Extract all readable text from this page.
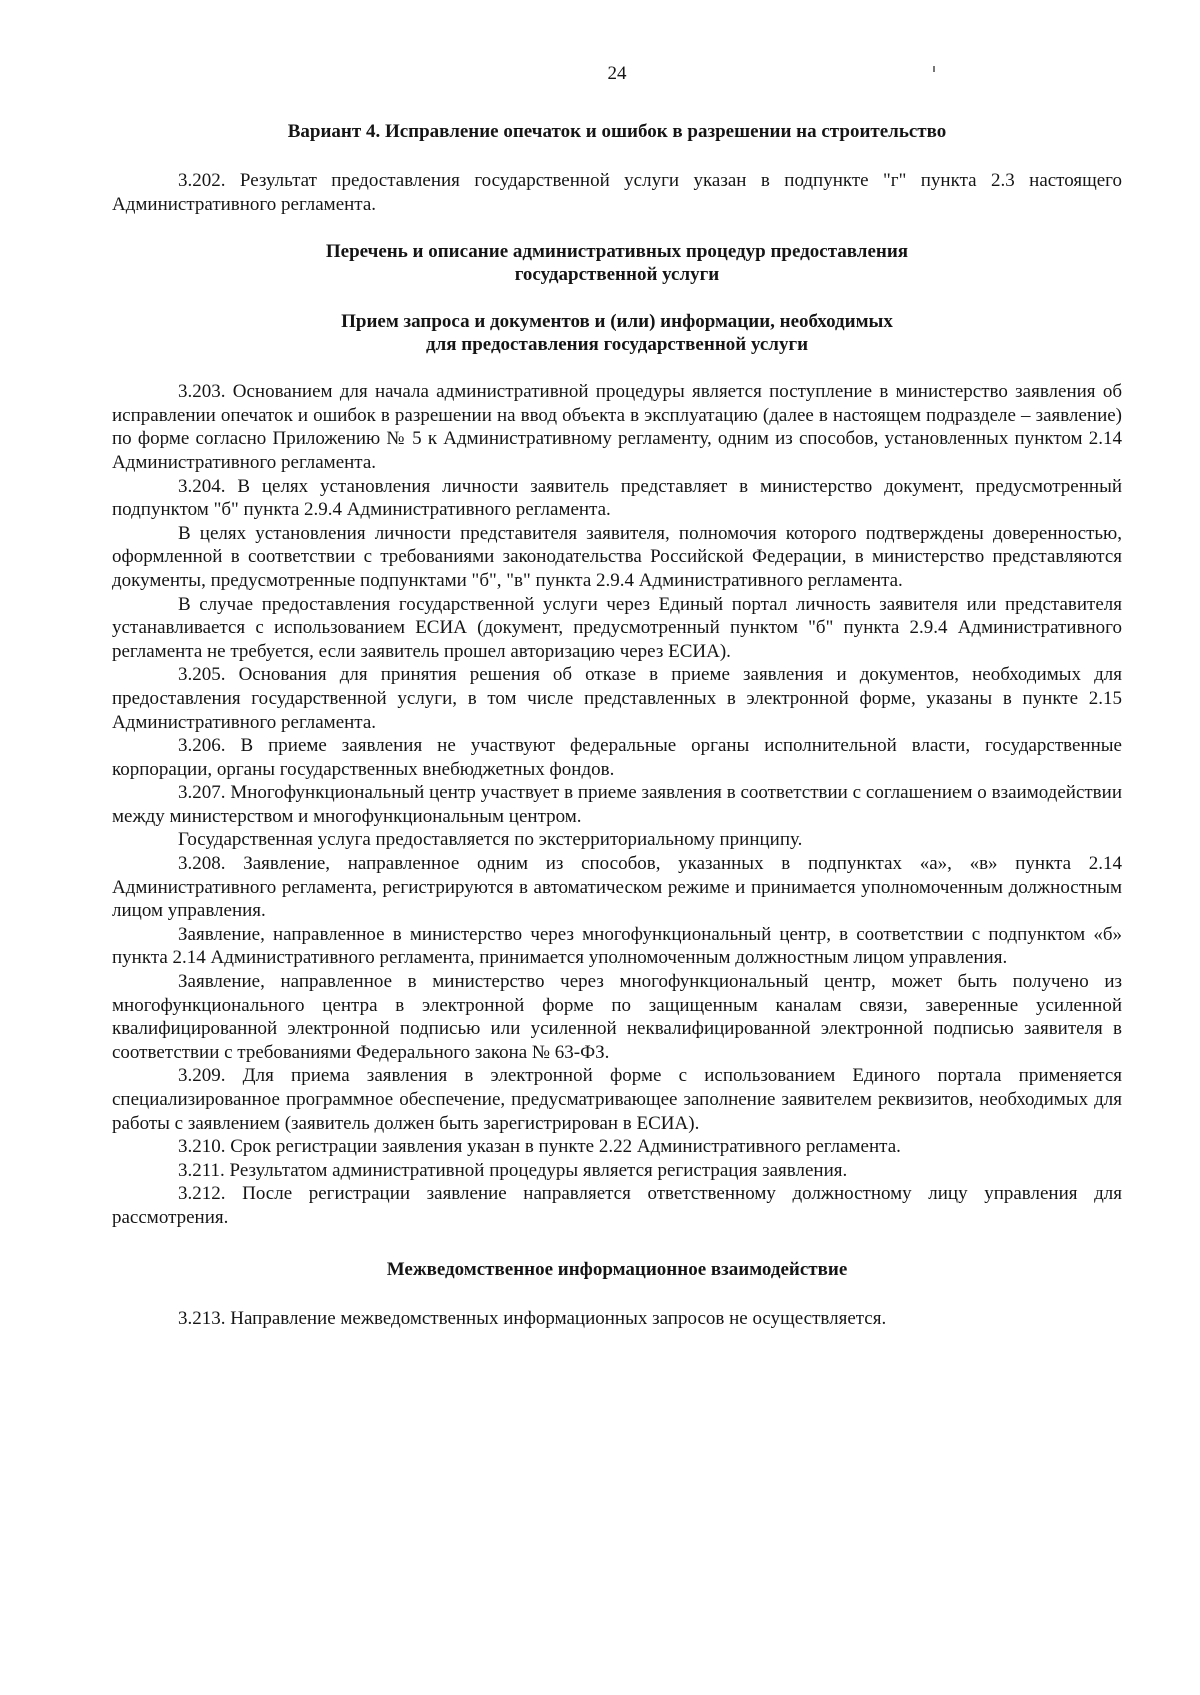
24

Вариант 4. Исправление опечаток и ошибок в разрешении на строительство

3.202. Результат предоставления государственной услуги указан в подпункте "г" пункта 2.3 настоящего Административного регламента.

Перечень и описание административных процедур предоставления
государственной услуги
Прием запроса и документов и (или) информации, необходимых
для предоставления государственной услуги

3.203. Основанием для начала административной процедуры является поступление в министерство заявления об исправлении опечаток и ошибок в разрешении на ввод объекта в эксплуатацию (далее в настоящем подразделе – заявление) по форме согласно Приложению № 5 к Административному регламенту, одним из способов, установленных пунктом 2.14 Административного регламента.

3.204. В целях установления личности заявитель представляет в министерство документ, предусмотренный подпунктом "б" пункта 2.9.4 Административного регламента.

В целях установления личности представителя заявителя, полномочия которого подтверждены доверенностью, оформленной в соответствии с требованиями законодательства Российской Федерации, в министерство представляются документы, предусмотренные подпунктами "б", "в" пункта 2.9.4 Административного регламента.

В случае предоставления государственной услуги через Единый портал личность заявителя или представителя устанавливается с использованием ЕСИА (документ, предусмотренный пунктом "б" пункта 2.9.4 Административного регламента не требуется, если заявитель прошел авторизацию через ЕСИА).

3.205. Основания для принятия решения об отказе в приеме заявления и документов, необходимых для предоставления государственной услуги, в том числе представленных в электронной форме, указаны в пункте 2.15 Административного регламента.

3.206. В приеме заявления не участвуют федеральные органы исполнительной власти, государственные корпорации, органы государственных внебюджетных фондов.

3.207. Многофункциональный центр участвует в приеме заявления в соответствии с соглашением о взаимодействии между министерством и многофункциональным центром.

Государственная услуга предоставляется по экстерриториальному принципу.

3.208. Заявление, направленное одним из способов, указанных в подпунктах «а», «в» пункта 2.14 Административного регламента, регистрируются в автоматическом режиме и принимается уполномоченным должностным лицом управления.

Заявление, направленное в министерство через многофункциональный центр, в соответствии с подпунктом «б» пункта 2.14 Административного регламента, принимается уполномоченным должностным лицом управления.

Заявление, направленное в министерство через многофункциональный центр, может быть получено из многофункционального центра в электронной форме по защищенным каналам связи, заверенные усиленной квалифицированной электронной подписью или усиленной неквалифицированной электронной подписью заявителя в соответствии с требованиями Федерального закона № 63-ФЗ.

3.209. Для приема заявления в электронной форме с использованием Единого портала применяется специализированное программное обеспечение, предусматривающее заполнение заявителем реквизитов, необходимых для работы с заявлением (заявитель должен быть зарегистрирован в ЕСИА).

3.210. Срок регистрации заявления указан в пункте 2.22 Административного регламента.

3.211. Результатом административной процедуры является регистрация заявления.

3.212. После регистрации заявление направляется ответственному должностному лицу управления для рассмотрения.

Межведомственное информационное взаимодействие

3.213. Направление межведомственных информационных запросов не осуществляется.
